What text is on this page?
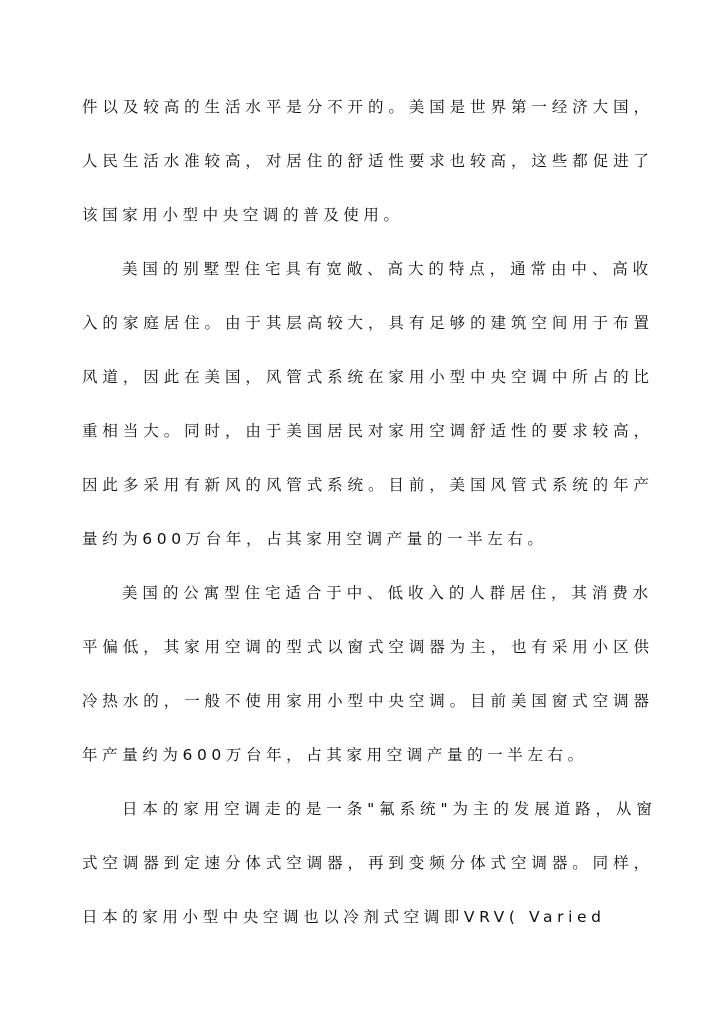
件 以 及 较 高 的 生 活 水 平 是 分 不 开 的 。 美 国 是 世 界 第 一 经 济 大 国 ，
人 民 生 活 水 准 较 高 ， 对 居 住 的 舒 适 性 要 求 也 较 高 ， 这 些 都 促 进 了
该国家用小型中央空调的普及使用。
美 国 的 别 墅 型 住 宅 具 有 宽 敞 、 高 大 的 特 点 ， 通 常 由 中 、 高 收
入 的 家 庭 居 住 。 由 于 其 层 高 较 大 ， 具 有 足 够 的 建 筑 空 间 用 于 布 置
风 道 ， 因 此 在 美 国 ， 风 管 式 系 统 在 家 用 小 型 中 央 空 调 中 所 占 的 比
重 相 当 大 。 同 时 ， 由 于 美 国 居 民 对 家 用 空 调 舒 适 性 的 要 求 较 高 ，
因 此 多 采 用 有 新 风 的 风 管 式 系 统 。 目 前 ， 美 国 风 管 式 系 统 的 年 产
量约为600万台年，占其家用空调产量的一半左右。
美 国 的 公 寓 型 住 宅 适 合 于 中 、 低 收 入 的 人 群 居 住 ， 其 消 费 水
平 偏 低 ， 其 家 用 空 调 的 型 式 以 窗 式 空 调 器 为 主 ， 也 有 采 用 小 区 供
冷 热 水 的 ， 一 般 不 使 用 家 用 小 型 中 央 空 调 。 目 前 美 国 窗 式 空 调 器
年产量约为600万台年，占其家用空调产量的一半左右。
日 本 的 家 用 空 调 走 的 是 一 条 " 氟 系 统 " 为 主 的 发 展 道 路 ， 从 窗
式 空 调 器 到 定 速 分 体 式 空 调 器 ， 再 到 变 频 分 体 式 空 调 器 。 同 样 ，
日本的家用小型中央空调也以冷剂式空调即VRV( Varied
